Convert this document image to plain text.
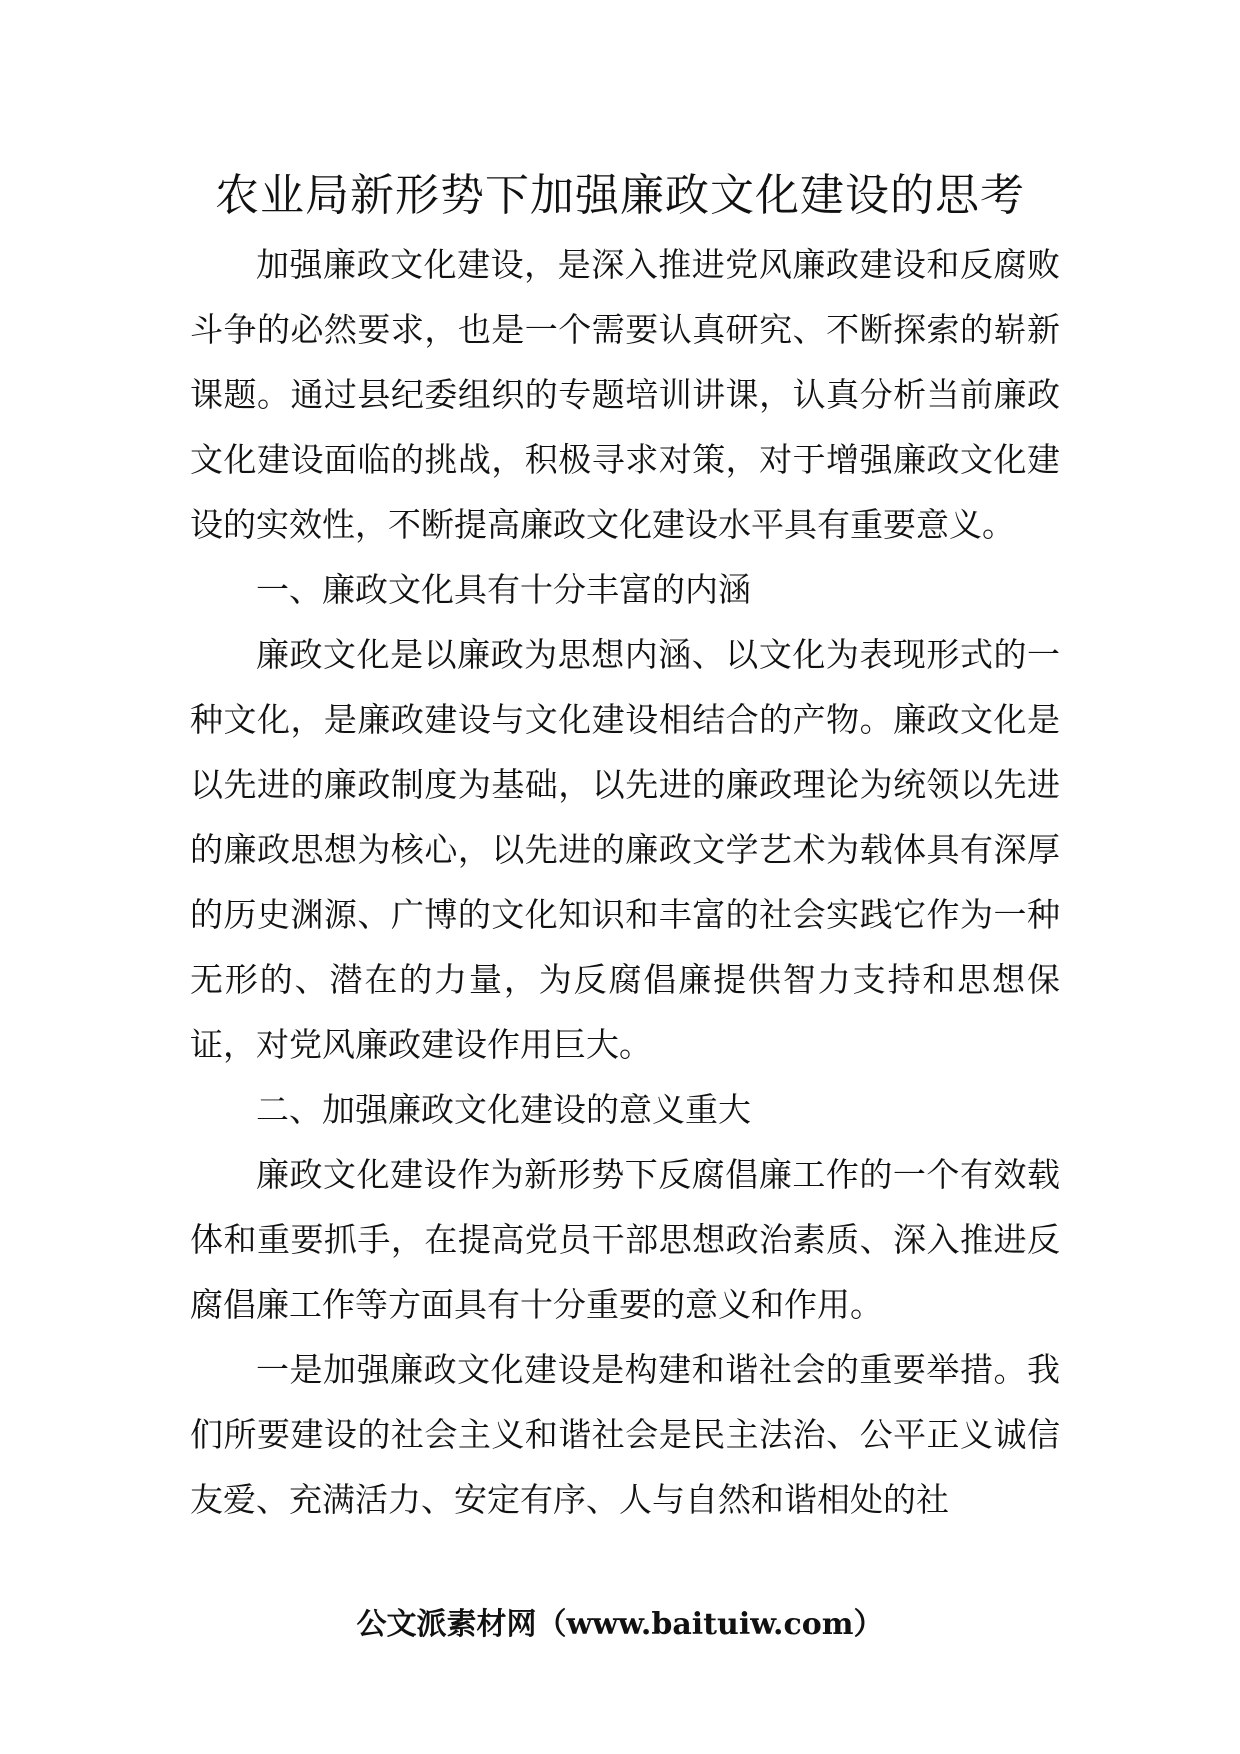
农业局新形势下加强廉政文化建设的思考

加强廉政文化建设，是深入推进党风廉政建设和反腐败斗争的必然要求，也是一个需要认真研究、不断探索的崭新课题。通过县纪委组织的专题培训讲课，认真分析当前廉政文化建设面临的挑战，积极寻求对策，对于增强廉政文化建设的实效性，不断提高廉政文化建设水平具有重要意义。

一、廉政文化具有十分丰富的内涵

廉政文化是以廉政为思想内涵、以文化为表现形式的一种文化，是廉政建设与文化建设相结合的产物。廉政文化是以先进的廉政制度为基础，以先进的廉政理论为统领以先进的廉政思想为核心，以先进的廉政文学艺术为载体具有深厚的历史渊源、广博的文化知识和丰富的社会实践它作为一种无形的、潜在的力量，为反腐倡廉提供智力支持和思想保证，对党风廉政建设作用巨大。

二、加强廉政文化建设的意义重大

廉政文化建设作为新形势下反腐倡廉工作的一个有效载体和重要抓手，在提高党员干部思想政治素质、深入推进反腐倡廉工作等方面具有十分重要的意义和作用。

一是加强廉政文化建设是构建和谐社会的重要举措。我们所要建设的社会主义和谐社会是民主法治、公平正义诚信友爱、充满活力、安定有序、人与自然和谐相处的社

公文派素材网（www.baituiw.com）
